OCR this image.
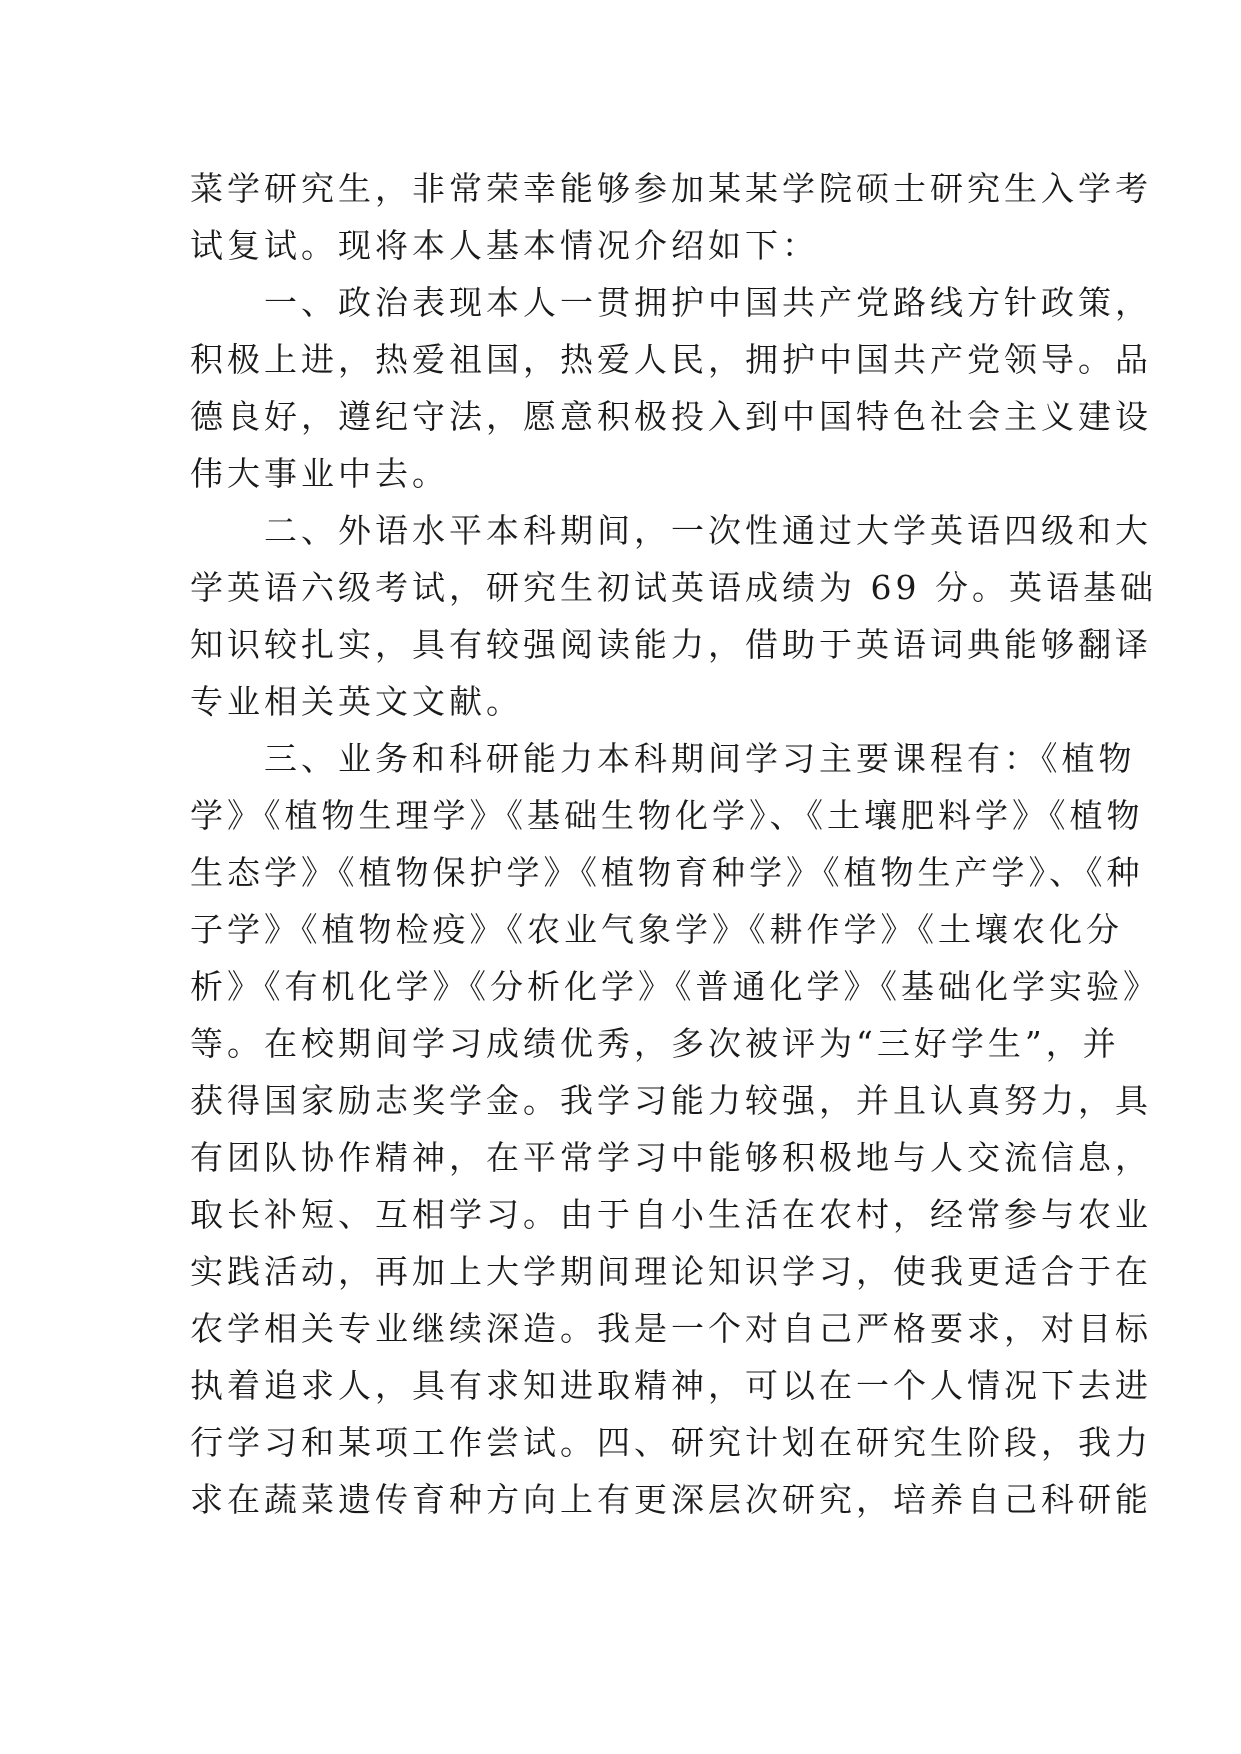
菜学研究生，非常荣幸能够参加某某学院硕士研究生入学考
试复试。现将本人基本情况介绍如下：
　　一、政治表现本人一贯拥护中国共产党路线方针政策，
积极上进，热爱祖国，热爱人民，拥护中国共产党领导。品
德良好，遵纪守法，愿意积极投入到中国特色社会主义建设
伟大事业中去。
　　二、外语水平本科期间，一次性通过大学英语四级和大
学英语六级考试，研究生初试英语成绩为 69 分。英语基础
知识较扎实，具有较强阅读能力，借助于英语词典能够翻译
专业相关英文文献。
　　三、业务和科研能力本科期间学习主要课程有：《植物
学》《植物生理学》《基础生物化学》、《土壤肥料学》《植物
生态学》《植物保护学》《植物育种学》《植物生产学》、《种
子学》《植物检疫》《农业气象学》《耕作学》《土壤农化分
析》《有机化学》《分析化学》《普通化学》《基础化学实验》
等。在校期间学习成绩优秀，多次被评为“三好学生”，并
获得国家励志奖学金。我学习能力较强，并且认真努力，具
有团队协作精神，在平常学习中能够积极地与人交流信息，
取长补短、互相学习。由于自小生活在农村，经常参与农业
实践活动，再加上大学期间理论知识学习，使我更适合于在
农学相关专业继续深造。我是一个对自己严格要求，对目标
执着追求人，具有求知进取精神，可以在一个人情况下去进
行学习和某项工作尝试。四、研究计划在研究生阶段，我力
求在蔬菜遗传育种方向上有更深层次研究，培养自己科研能
